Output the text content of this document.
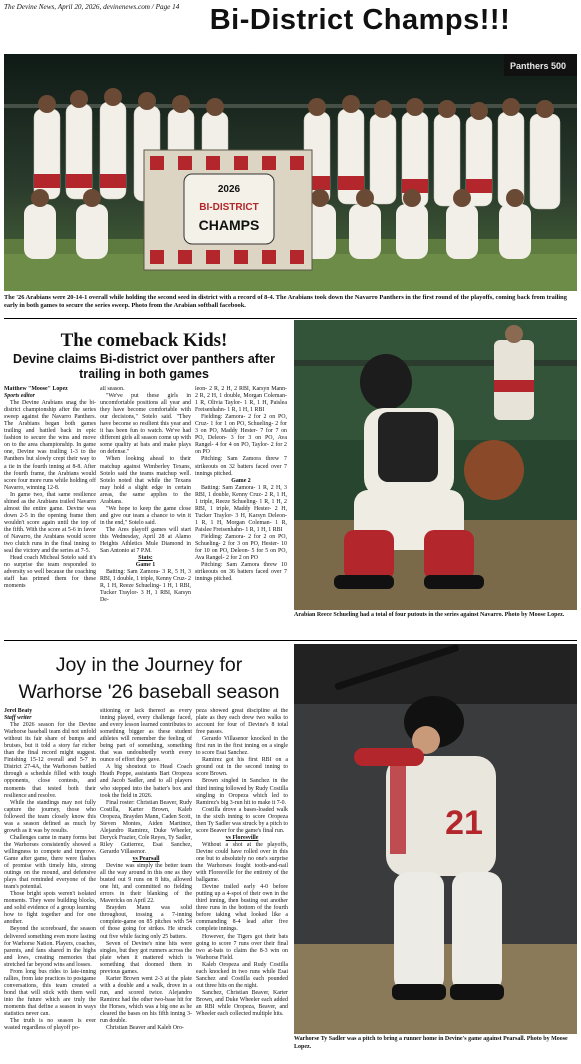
The Devine News, April 20, 2026, devinenews.com / Page 14	Bi-District Champs!!!
Panthers 500
2026
BI-DISTRICT
CHAMPS
The '26 Arabians were 20-14-1 overall while holding the second seed in district with a record of 8-4. The Arabians took down the Navarro Panthers in the first round of the playoffs, coming back from trailing early in both games to secure the series sweep. Photo from the Arabian softball facebook.
The comeback Kids!
Devine claims Bi-district over panthers after trailing in both games
Matthew "Moose" Lopez
Sports editor

The Devine Arabians snag the bi-district championship after the series sweep against the Navarro Panthers. The Arabians began both games trailing and battled back in epic fashion to secure the wins and move on to the area championship. In game one, Devine was trailing 1-3 to the Panthers but slowly crept their way to a tie in the fourth inning at 8-8. After the fourth frame, the Arabians would score four more runs while holding off Navarro, winning 12-8.

In game two, that same resilience shined as the Arabians trailed Navarro almost the entire game. Devine was down 2-5 in the opening frame then wouldn't score again until the top of the fifth. With the score at 5-6 in favor of Navarro, the Arabians would score two clutch runs in the final inning to seal the victory and the series at 7-5.

Head coach Micheal Sotelo said it's no surprise the team responded to adversity so well because the coaching staff has primed them for these moments

all season.

"We've put these girls in uncomfortable positions all year and they have become comfortable with our decisions," Sotelo said. "They have become so resilient this year and it has been fun to watch. We've had different girls all season come up with some quality at bats and make plays on defense."

When looking ahead to their matchup against Wimberley Texans, Sotelo said the teams matchup well. Sotelo noted that while the Texans may hold a slight edge in certain areas, the same applies to the Arabians.

"We hope to keep the game close and give our team a chance to win it in the end," Sotelo said.

The Ares playoff games will start this Wednesday, April 28 at Alamo Heights Athletics Mule Diamond in San Antonio at 7 P.M.

Stats:
Game 1

Batting: Sam Zamora- 3 R, 5 H, 3 RBI, 1 double, 1 triple, Kenny Cruz- 2 R, 1 H, Reeze Schueling- 1 H, 1 RBI, Tucker Traylor- 3 H, 1 RBI, Karsyn De-

leon- 2 R, 2 H, 2 RBI, Karsyn Mann- 2 R, 2 H, 1 double, Morgan Coleman- 1 R, Olivia Taylor- 1 R, 1 H, Paislea Freisenhahn- 1 R, 1 H, 1 RBI

Fielding: Zamora- 2 for 2 on PO, Cruz- 1 for 1 on PO, Schueling- 2 for 3 on PO, Maddy Hester- 7 for 7 on PO, Deleon- 3 for 3 on PO, Ava Rangel- 4 for 4 on PO, Taylor- 2 for 2 on PO

Pitching: Sam Zamora threw 7 strikeouts on 32 batters faced over 7 innings pitched.

Game 2

Batting: Sam Zamora- 1 R, 2 H, 3 RBI, 1 double, Kenny Cruz- 2 R, 1 H, 1 triple, Reeze Schueling- 1 R, 1 H, 2 RBI, 1 triple, Maddy Hester- 2 H, Tucker Traylor- 3 H, Karsyn Deleon- 1 R, 1 H, Morgan Coleman- 1 R, Paislee Freisenhahn- 1 R, 1 H, 1 RBI

Fielding: Zamora- 2 for 2 on PO, Schueling- 2 for 3 on PO, Hester- 10 for 10 on PO, Deleon- 5 for 5 on PO, Ava Rangel- 2 for 2 on PO

Pitching: Sam Zamora threw 10 strikeouts on 36 batters faced over 7 innings pitched.

Arabian Reece Schueling had a total of four putouts in the series against Navarro. Photo by Moose Lopez.
Joy in the Journey for
Warhorse '26 baseball season
Jerel Beaty
Staff writer

The 2026 season for the Devine Warhorse baseball team did not unfold without its fair share of bumps and bruises, but it told a story far richer than the final record might suggest. Finishing 15-12 overall and 5-7 in District 27-4A, the Warhorses battled through a schedule filled with tough opponents, close contests, and moments that tested both their resilience and resolve.

While the standings may not fully capture the journey, those who followed the team closely know this was a season defined as much by growth as it was by results.

Challenges came in many forms but the Warhorses consistently showed a willingness to compete and improve. Game after game, there were flashes of promise with timely hits, strong outings on the mound, and defensive plays that reminded everyone of the team's potential.

Those bright spots weren't isolated moments. They were building blocks, and solid evidence of a group learning how to fight together and for one another.

Beyond the scoreboard, the season delivered something even more lasting for Warhorse Nation. Players, coaches, parents, and fans shared in the highs and lows, creating memories that stretched far beyond wins and losses.

From long bus rides to late-inning rallies, from late practices to postgame conversations, this team created a bond that will stick with them well into the future which are truly the moments that define a season in ways statistics never can.

The truth is no season is ever wasted regardless of playoff po-

sitioning or lack thereof as every inning played, every challenge faced, and every lesson learned contributes to something bigger as these student athletes will remember the feeling of being part of something, something that was undoubtedly worth every ounce of effort they gave.

A big shoutout to Head Coach Heath Poppe, assistants Bart Oropeza and Jacob Sadler, and to all players who stepped into the batter's box and took the field in 2026.

Final roster: Christian Beaver, Rudy Costilla, Karter Brown, Kaleb Oropeza, Brayden Mann, Caden Scott, Steven Montes, Aiden Martinez, Alejandro Ramirez, Duke Wheeler, Deryck Frazier, Cole Reyes, Ty Sadler, Riley Gutierrez, Esai Sanchez, Gerardo Villasenor.

vs Pearsall

Devine was simply the better team all the way around in this one as they busted out 9 runs on 8 hits, allowed one hit, and committed no fielding errors in their blanking of the Mavericks on April 22.

Brayden Mann was solid throughout, tossing a 7-inning complete-game on 85 pitches with 54 of those going for strikes. He struck out five while facing only 25 batters.

Seven of Devine's nine hits were singles, but they got runners across the plate when it mattered which is something that doomed them in previous games.

Karter Brown went 2-3 at the plate with a double and a walk, drove in a run, and scored twice. Alejandro Ramirez had the other two-base hit for the Horses, which was a big one as he cleared the bases on his fifth inning 3-run double.

Christian Beaver and Kaleb Oro-

peza showed great discipline at the plate as they each drew two walks to account for four of Devine's 8 total free passes.

Gerardo Villasenor knocked in the first run in the first inning on a single to score Esai Sanchez.

Ramirez got his first RBI on a ground out in the second inning to score Brown.

Brown singled in Sanchez in the third inning followed by Rudy Costilla singling in Oropeza which led to Ramirez's big 3-run hit to make it 7-0.

Costilla drove a bases-loaded walk in the sixth inning to score Oropeza then Ty Sadler was struck by a pitch to score Beaver for the game's final run.

vs Floresville

Without a shot at the playoffs, Devine could have rolled over in this one but to absolutely no one's surprise the Warhorses fought tooth-and-nail with Floresville for the entirety of the ballgame.

Devine trailed early 4-0 before putting up a 4-spot of their own in the third inning, then busting out another three runs in the bottom of the fourth before taking what looked like a commanding 8-4 lead after five complete innings.

However, the Tigers got their bats going to score 7 runs over their final two at-bats to claim the 8-3 win on Warhorse Field.

Kaleb Oropeza and Rudy Costilla each knocked in two runs while Esai Sanchez and Costilla each pounded out three hits on the night.

Sanchez, Christian Beaver, Karter Brown, and Duke Wheeler each added an RBI while Oropeza, Beaver, and Wheeler each collected multiple hits.

21
Warhorse Ty Sadler was a pitch to bring a runner home in Devine's game against Pearsall. Photo by Moose Lopez.
